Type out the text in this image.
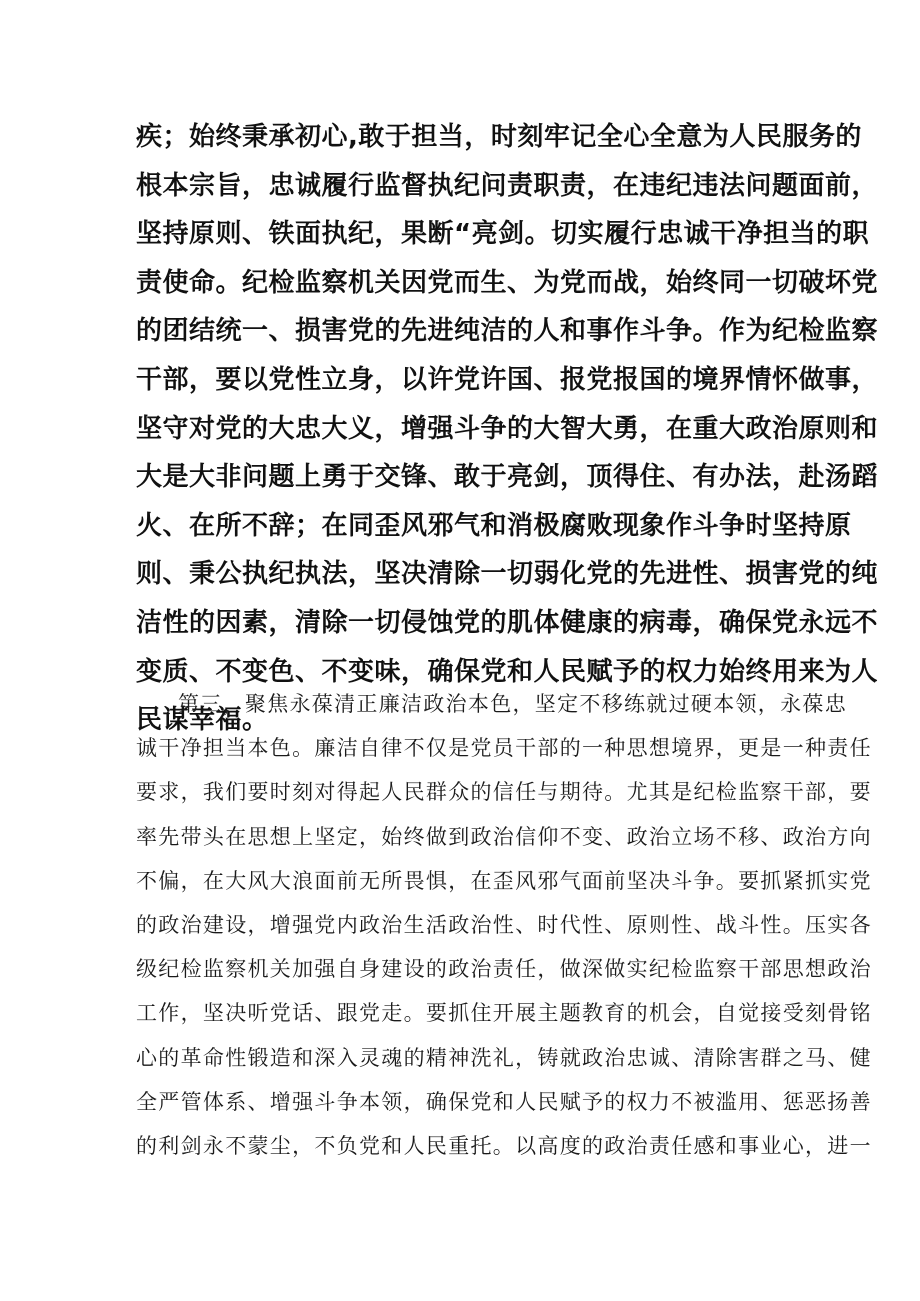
疾；始终秉承初心,敢于担当，时刻牢记全心全意为人民服务的
根本宗旨，忠诚履行监督执纪问责职责，在违纪违法问题面前，
坚持原则、铁面执纪，果断“亮剑。切实履行忠诚干净担当的职
责使命。纪检监察机关因党而生、为党而战，始终同一切破坏党
的团结统一、损害党的先进纯洁的人和事作斗争。作为纪检监察
干部，要以党性立身，以许党许国、报党报国的境界情怀做事，
坚守对党的大忠大义，增强斗争的大智大勇，在重大政治原则和
大是大非问题上勇于交锋、敢于亮剑，顶得住、有办法，赴汤蹈
火、在所不辞；在同歪风邪气和消极腐败现象作斗争时坚持原
则、秉公执纪执法，坚决清除一切弱化党的先进性、损害党的纯
洁性的因素，清除一切侵蚀党的肌体健康的病毒，确保党永远不
变质、不变色、不变味，确保党和人民赋予的权力始终用来为人
民谋幸福。
第三，聚焦永葆清正廉洁政治本色，坚定不移练就过硬本领，永葆忠
诚干净担当本色。廉洁自律不仅是党员干部的一种思想境界，更是一种责任
要求，我们要时刻对得起人民群众的信任与期待。尤其是纪检监察干部，要
率先带头在思想上坚定，始终做到政治信仰不变、政治立场不移、政治方向
不偏，在大风大浪面前无所畏惧，在歪风邪气面前坚决斗争。要抓紧抓实党
的政治建设，增强党内政治生活政治性、时代性、原则性、战斗性。压实各
级纪检监察机关加强自身建设的政治责任，做深做实纪检监察干部思想政治
工作，坚决听党话、跟党走。要抓住开展主题教育的机会，自觉接受刻骨铭
心的革命性锻造和深入灵魂的精神洗礼，铸就政治忠诚、清除害群之马、健
全严管体系、增强斗争本领，确保党和人民赋予的权力不被滥用、惩恶扬善
的利剑永不蒙尘，不负党和人民重托。以高度的政治责任感和事业心，进一
